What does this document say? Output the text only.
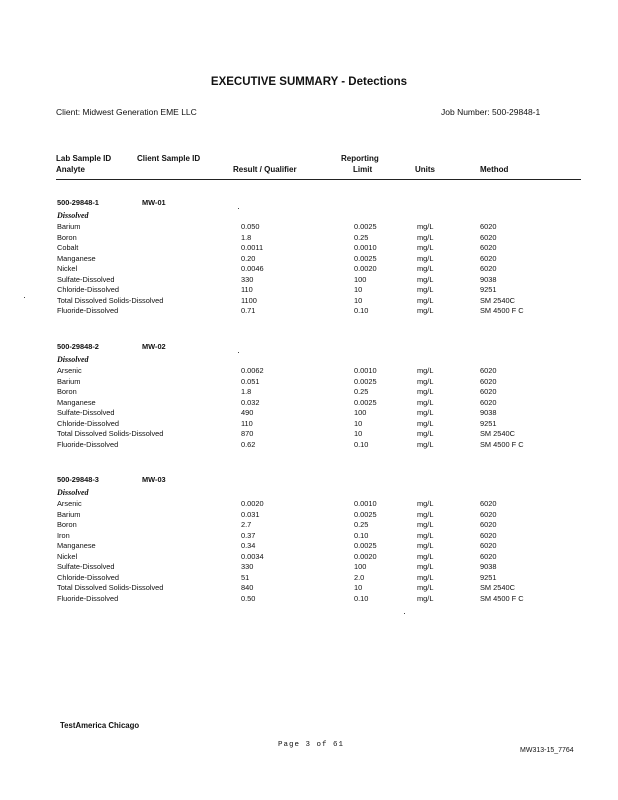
EXECUTIVE SUMMARY - Detections
Client: Midwest Generation EME LLC	Job Number: 500-29848-1
Lab Sample ID	Client Sample ID
Analyte	Result / Qualifier
Reporting
Limit	Units	Method
500-29848-1	MW-01
Dissolved
Barium	0.050	0.0025	mg/L	6020
Boron	1.8	0.25	mg/L	6020
Cobalt	0.0011	0.0010	mg/L	6020
Manganese	0.20	0.0025	mg/L	6020
Nickel	0.0046	0.0020	mg/L	6020
Sulfate-Dissolved	330	100	mg/L	9038
Chloride-Dissolved	110	10	mg/L	9251
Total Dissolved Solids-Dissolved	1100	10	mg/L	SM 2540C
Fluoride-Dissolved	0.71	0.10	mg/L	SM 4500 F C
500-29848-2	MW-02
Dissolved
Arsenic	0.0062	0.0010	mg/L	6020
Barium	0.051	0.0025	mg/L	6020
Boron	1.8	0.25	mg/L	6020
Manganese	0.032	0.0025	mg/L	6020
Sulfate-Dissolved	490	100	mg/L	9038
Chloride-Dissolved	110	10	mg/L	9251
Total Dissolved Solids-Dissolved	870	10	mg/L	SM 2540C
Fluoride-Dissolved	0.62	0.10	mg/L	SM 4500 F C
500-29848-3	MW-03
Dissolved
Arsenic	0.0020	0.0010	mg/L	6020
Barium	0.031	0.0025	mg/L	6020
Boron	2.7	0.25	mg/L	6020
Iron	0.37	0.10	mg/L	6020
Manganese	0.34	0.0025	mg/L	6020
Nickel	0.0034	0.0020	mg/L	6020
Sulfate-Dissolved	330	100	mg/L	9038
Chloride-Dissolved	51	2.0	mg/L	9251
Total Dissolved Solids-Dissolved	840	10	mg/L	SM 2540C
Fluoride-Dissolved	0.50	0.10	mg/L	SM 4500 F C
TestAmerica Chicago
Page 3 of 61
MW313-15_7764
